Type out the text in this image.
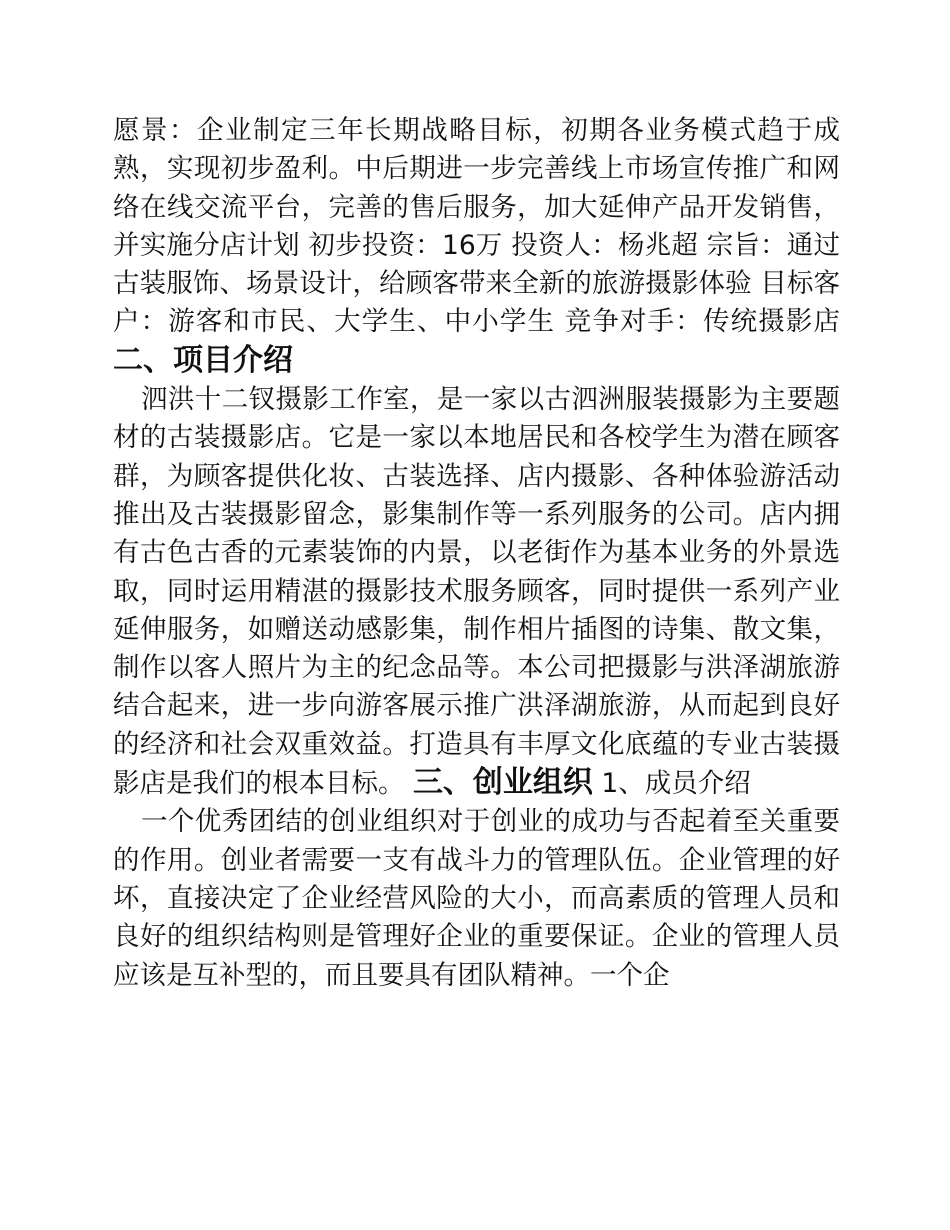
愿景：企业制定三年长期战略目标，初期各业务模式趋于成熟，实现初步盈利。中后期进一步完善线上市场宣传推广和网络在线交流平台，完善的售后服务，加大延伸产品开发销售，并实施分店计划 初步投资：16万 投资人：杨兆超 宗旨：通过古装服饰、场景设计，给顾客带来全新的旅游摄影体验 目标客户：游客和市民、大学生、中小学生 竞争对手：传统摄影店 二、项目介绍

泗洪十二钗摄影工作室，是一家以古泗洲服装摄影为主要题材的古装摄影店。它是一家以本地居民和各校学生为潜在顾客群，为顾客提供化妆、古装选择、店内摄影、各种体验游活动推出及古装摄影留念，影集制作等一系列服务的公司。店内拥有古色古香的元素装饰的内景，以老街作为基本业务的外景选取，同时运用精湛的摄影技术服务顾客，同时提供一系列产业延伸服务，如赠送动感影集，制作相片插图的诗集、散文集，制作以客人照片为主的纪念品等。本公司把摄影与洪泽湖旅游结合起来，进一步向游客展示推广洪泽湖旅游，从而起到良好的经济和社会双重效益。打造具有丰厚文化底蕴的专业古装摄影店是我们的根本目标。 三、创业组织 1、成员介绍

一个优秀团结的创业组织对于创业的成功与否起着至关重要的作用。创业者需要一支有战斗力的管理队伍。企业管理的好坏，直接决定了企业经营风险的大小，而高素质的管理人员和良好的组织结构则是管理好企业的重要保证。企业的管理人员应该是互补型的，而且要具有团队精神。一个企
